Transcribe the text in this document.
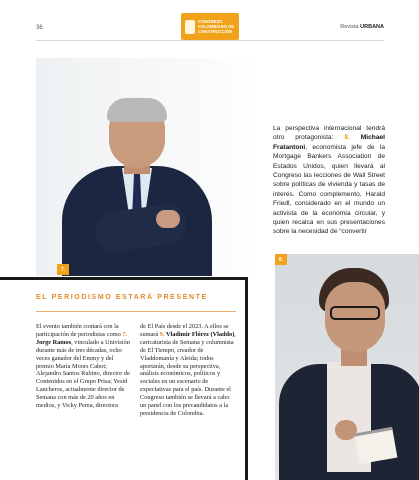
36
CONGRESO
COLOMBIANO DE
CONSTRUCCIÓN
Revista URBANA
7.
La perspectiva internacional tendrá otro protagonista: 8. Michael Fratantoni, economista jefe de la Mortgage Bankers Association de Estados Unidos, quien llevará al Congreso las lecciones de Wall Street sobre políticas de vivienda y tasas de interés. Como complemento, Harald Friedl, considerado en el mundo un activista de la economía circular, y quien recalca en sus presentaciones sobre la necesidad de “convertir
EL PERIODISMO ESTARÁ PRESENTE
El evento también contará con la participación de periodistas como 7. Jorge Ramos, vinculado a Univisión durante más de tres décadas, ocho veces ganador del Emmy y del premio María Moors Cabot; Alejandro Santos Rubino, director de Contenidos en el Grupo Prisa; Yesid Lancheros, actualmente director de Semana con más de 20 años en medios, y Vicky Perea, directora
de El País desde el 2023. A ellos se sumará 9. Vladimir Flórez (Vladdo), caricaturista de Semana y columnista de El Tiempo, creador de Vladdomanía y Aleida; todos aportarán, desde su perspectiva, análisis económicos, políticos y sociales en un escenario de expectativas para el país. Durante el Congreso también se llevará a cabo un panel con los precandidatos a la presidencia de Colombia.
8.
